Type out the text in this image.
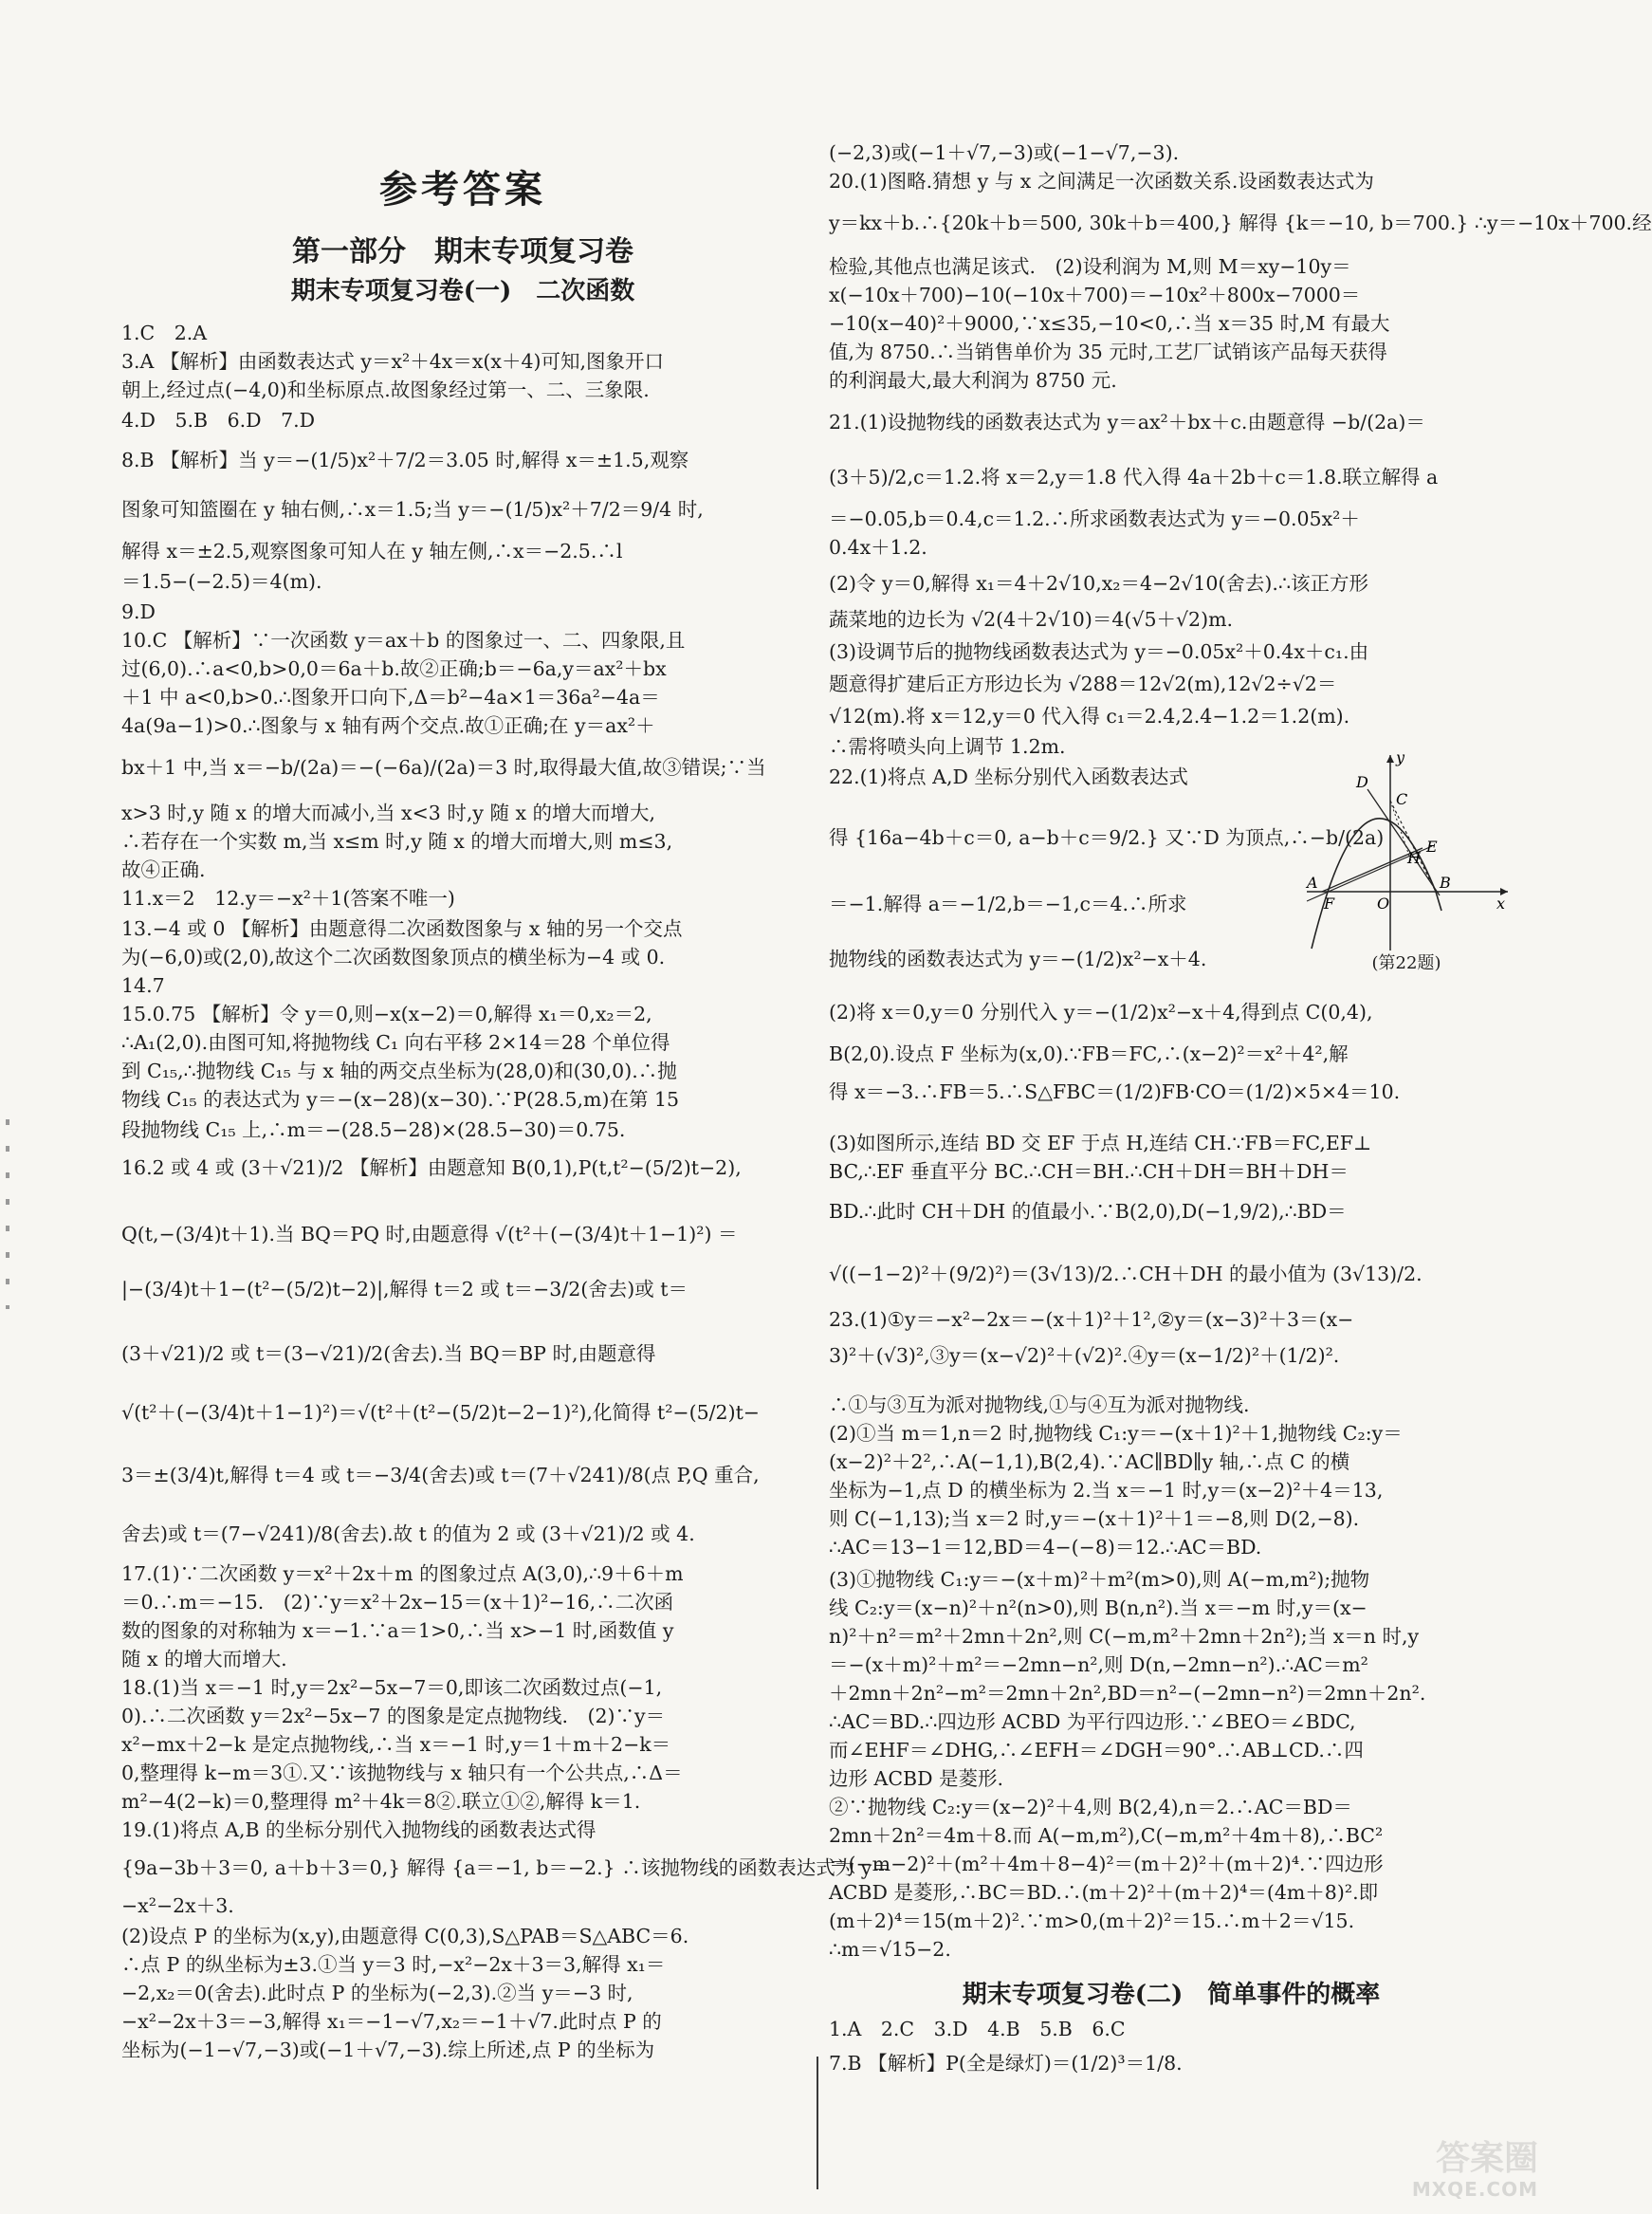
参考答案
第一部分　期末专项复习卷
期末专项复习卷(一)　二次函数
1.C　2.A
3.A 【解析】由函数表达式 y＝x²＋4x＝x(x＋4)可知,图象开口
朝上,经过点(−4,0)和坐标原点.故图象经过第一、二、三象限.
4.D　5.B　6.D　7.D
8.B 【解析】当 y＝−(1/5)x²＋7/2＝3.05 时,解得 x＝±1.5,观察
图象可知篮圈在 y 轴右侧,∴x＝1.5;当 y＝−(1/5)x²＋7/2＝9/4 时,
解得 x＝±2.5,观察图象可知人在 y 轴左侧,∴x＝−2.5.∴l
＝1.5−(−2.5)＝4(m).
9.D
10.C 【解析】∵一次函数 y＝ax＋b 的图象过一、二、四象限,且
过(6,0).∴a<0,b>0,0＝6a＋b.故②正确;b＝−6a,y＝ax²＋bx
＋1 中 a<0,b>0.∴图象开口向下,Δ＝b²−4a×1＝36a²−4a＝
4a(9a−1)>0.∴图象与 x 轴有两个交点.故①正确;在 y＝ax²＋
bx＋1 中,当 x＝−b/(2a)＝−(−6a)/(2a)＝3 时,取得最大值,故③错误;∵当
x>3 时,y 随 x 的增大而减小,当 x<3 时,y 随 x 的增大而增大,
∴若存在一个实数 m,当 x≤m 时,y 随 x 的增大而增大,则 m≤3,
故④正确.
11.x＝2　12.y＝−x²＋1(答案不唯一)
13.−4 或 0 【解析】由题意得二次函数图象与 x 轴的另一个交点
为(−6,0)或(2,0),故这个二次函数图象顶点的横坐标为−4 或 0.
14.7
15.0.75 【解析】令 y＝0,则−x(x−2)＝0,解得 x₁＝0,x₂＝2,
∴A₁(2,0).由图可知,将抛物线 C₁ 向右平移 2×14＝28 个单位得
到 C₁₅,∴抛物线 C₁₅ 与 x 轴的两交点坐标为(28,0)和(30,0).∴抛
物线 C₁₅ 的表达式为 y＝−(x−28)(x−30).∵P(28.5,m)在第 15
段抛物线 C₁₅ 上,∴m＝−(28.5−28)×(28.5−30)＝0.75.
16.2 或 4 或 (3＋√21)/2 【解析】由题意知 B(0,1),P(t,t²−(5/2)t−2),
Q(t,−(3/4)t＋1).当 BQ＝PQ 时,由题意得 √(t²＋(−(3/4)t＋1−1)²) ＝
|−(3/4)t＋1−(t²−(5/2)t−2)|,解得 t＝2 或 t＝−3/2(舍去)或 t＝
(3＋√21)/2 或 t＝(3−√21)/2(舍去).当 BQ＝BP 时,由题意得
√(t²＋(−(3/4)t＋1−1)²)＝√(t²＋(t²−(5/2)t−2−1)²),化简得 t²−(5/2)t−
3＝±(3/4)t,解得 t＝4 或 t＝−3/4(舍去)或 t＝(7＋√241)/8(点 P,Q 重合,
舍去)或 t＝(7−√241)/8(舍去).故 t 的值为 2 或 (3＋√21)/2 或 4.
17.(1)∵二次函数 y＝x²＋2x＋m 的图象过点 A(3,0),∴9＋6＋m
＝0.∴m＝−15.　(2)∵y＝x²＋2x−15＝(x＋1)²−16,∴二次函
数的图象的对称轴为 x＝−1.∵a＝1>0,∴当 x>−1 时,函数值 y
随 x 的增大而增大.
18.(1)当 x＝−1 时,y＝2x²−5x−7＝0,即该二次函数过点(−1,
0).∴二次函数 y＝2x²−5x−7 的图象是定点抛物线.　(2)∵y＝
x²−mx＋2−k 是定点抛物线,∴当 x＝−1 时,y＝1＋m＋2−k＝
0,整理得 k−m＝3①.又∵该抛物线与 x 轴只有一个公共点,∴Δ＝
m²−4(2−k)＝0,整理得 m²＋4k＝8②.联立①②,解得 k＝1.
19.(1)将点 A,B 的坐标分别代入抛物线的函数表达式得
{9a−3b＋3＝0, a＋b＋3＝0,} 解得 {a＝−1, b＝−2.} ∴该抛物线的函数表达式为 y＝
−x²−2x＋3.
(2)设点 P 的坐标为(x,y),由题意得 C(0,3),S△PAB＝S△ABC＝6.
∴点 P 的纵坐标为±3.①当 y＝3 时,−x²−2x＋3＝3,解得 x₁＝
−2,x₂＝0(舍去).此时点 P 的坐标为(−2,3).②当 y＝−3 时,
−x²−2x＋3＝−3,解得 x₁＝−1−√7,x₂＝−1＋√7.此时点 P 的
坐标为(−1−√7,−3)或(−1＋√7,−3).综上所述,点 P 的坐标为
(−2,3)或(−1＋√7,−3)或(−1−√7,−3).
20.(1)图略.猜想 y 与 x 之间满足一次函数关系.设函数表达式为
y＝kx＋b.∴{20k＋b＝500, 30k＋b＝400,} 解得 {k＝−10, b＝700.} ∴y＝−10x＋700.经
检验,其他点也满足该式.　(2)设利润为 M,则 M＝xy−10y＝
x(−10x＋700)−10(−10x＋700)＝−10x²＋800x−7000＝
−10(x−40)²＋9000,∵x≤35,−10<0,∴当 x＝35 时,M 有最大
值,为 8750.∴当销售单价为 35 元时,工艺厂试销该产品每天获得
的利润最大,最大利润为 8750 元.
21.(1)设抛物线的函数表达式为 y＝ax²＋bx＋c.由题意得 −b/(2a)＝
(3＋5)/2,c＝1.2.将 x＝2,y＝1.8 代入得 4a＋2b＋c＝1.8.联立解得 a
＝−0.05,b＝0.4,c＝1.2.∴所求函数表达式为 y＝−0.05x²＋
0.4x＋1.2.
(2)令 y＝0,解得 x₁＝4＋2√10,x₂＝4−2√10(舍去).∴该正方形
蔬菜地的边长为 √2(4＋2√10)＝4(√5＋√2)m.
(3)设调节后的抛物线函数表达式为 y＝−0.05x²＋0.4x＋c₁.由
题意得扩建后正方形边长为 √288＝12√2(m),12√2÷√2＝
√12(m).将 x＝12,y＝0 代入得 c₁＝2.4,2.4−1.2＝1.2(m).
∴需将喷头向上调节 1.2m.
22.(1)将点 A,D 坐标分别代入函数表达式
得 {16a−4b＋c＝0, a−b＋c＝9/2.} 又∵D 为顶点,∴−b/(2a)
＝−1.解得 a＝−1/2,b＝−1,c＝4.∴所求
抛物线的函数表达式为 y＝−(1/2)x²−x＋4.
(2)将 x＝0,y＝0 分别代入 y＝−(1/2)x²−x＋4,得到点 C(0,4),
B(2,0).设点 F 坐标为(x,0).∵FB＝FC,∴(x−2)²＝x²＋4²,解
得 x＝−3.∴FB＝5.∴S△FBC＝(1/2)FB·CO＝(1/2)×5×4＝10.
(3)如图所示,连结 BD 交 EF 于点 H,连结 CH.∵FB＝FC,EF⊥
BC,∴EF 垂直平分 BC.∴CH＝BH.∴CH＋DH＝BH＋DH＝
BD.∴此时 CH＋DH 的值最小.∵B(2,0),D(−1,9/2),∴BD＝
√((−1−2)²＋(9/2)²)＝(3√13)/2.∴CH＋DH 的最小值为 (3√13)/2.
23.(1)①y＝−x²−2x＝−(x＋1)²＋1²,②y＝(x−3)²＋3＝(x−
3)²＋(√3)²,③y＝(x−√2)²＋(√2)².④y＝(x−1/2)²＋(1/2)².
∴①与③互为派对抛物线,①与④互为派对抛物线.
(2)①当 m＝1,n＝2 时,抛物线 C₁:y＝−(x＋1)²＋1,抛物线 C₂:y＝
(x−2)²＋2²,∴A(−1,1),B(2,4).∵AC∥BD∥y 轴,∴点 C 的横
坐标为−1,点 D 的横坐标为 2.当 x＝−1 时,y＝(x−2)²＋4＝13,
则 C(−1,13);当 x＝2 时,y＝−(x＋1)²＋1＝−8,则 D(2,−8).
∴AC＝13−1＝12,BD＝4−(−8)＝12.∴AC＝BD.
(3)①抛物线 C₁:y＝−(x＋m)²＋m²(m>0),则 A(−m,m²);抛物
线 C₂:y＝(x−n)²＋n²(n>0),则 B(n,n²).当 x＝−m 时,y＝(x−
n)²＋n²＝m²＋2mn＋2n²,则 C(−m,m²＋2mn＋2n²);当 x＝n 时,y
＝−(x＋m)²＋m²＝−2mn−n²,则 D(n,−2mn−n²).∴AC＝m²
＋2mn＋2n²−m²＝2mn＋2n²,BD＝n²−(−2mn−n²)＝2mn＋2n².
∴AC＝BD.∴四边形 ACBD 为平行四边形.∵∠BEO＝∠BDC,
而∠EHF＝∠DHG,∴∠EFH＝∠DGH＝90°.∴AB⊥CD.∴四
边形 ACBD 是菱形.
②∵抛物线 C₂:y＝(x−2)²＋4,则 B(2,4),n＝2.∴AC＝BD＝
2mn＋2n²＝4m＋8.而 A(−m,m²),C(−m,m²＋4m＋8),∴BC²
＝(−m−2)²＋(m²＋4m＋8−4)²＝(m＋2)²＋(m＋2)⁴.∵四边形
ACBD 是菱形,∴BC＝BD.∴(m＋2)²＋(m＋2)⁴＝(4m＋8)².即
(m＋2)⁴＝15(m＋2)².∵m>0,(m＋2)²＝15.∴m＋2＝√15.
∴m＝√15−2.
1.A　2.C　3.D　4.B　5.B　6.C
7.B 【解析】P(全是绿灯)＝(1/2)³＝1/8.
D
y
C
E
H
A	B
O
F	x
(第22题)
期末专项复习卷(二)　简单事件的概率
答案圈
MXQE.COM
